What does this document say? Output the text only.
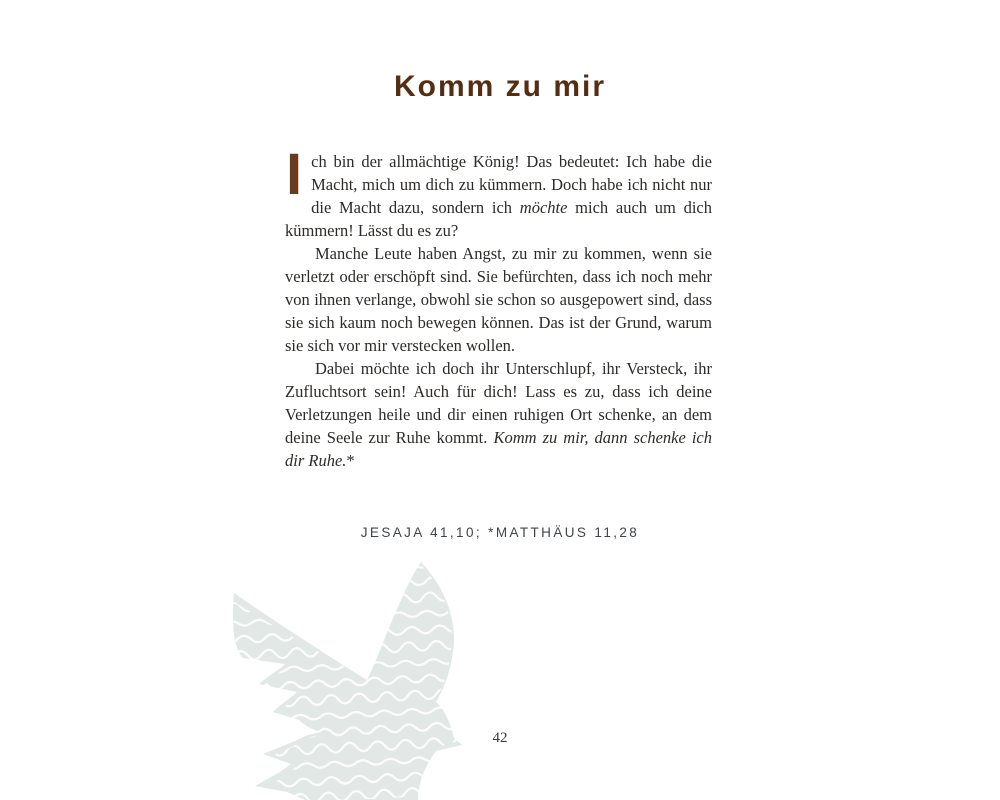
Komm zu mir

Ich bin der allmächtige König! Das bedeutet: Ich habe die Macht, mich um dich zu kümmern. Doch habe ich nicht nur die Macht dazu, sondern ich möchte mich auch um dich kümmern! Lässt du es zu?

Manche Leute haben Angst, zu mir zu kommen, wenn sie verletzt oder erschöpft sind. Sie befürchten, dass ich noch mehr von ihnen verlange, obwohl sie schon so ausgepowert sind, dass sie sich kaum noch bewegen können. Das ist der Grund, warum sie sich vor mir verstecken wollen.

Dabei möchte ich doch ihr Unterschlupf, ihr Versteck, ihr Zufluchtsort sein! Auch für dich! Lass es zu, dass ich deine Verletzungen heile und dir einen ruhigen Ort schenke, an dem deine Seele zur Ruhe kommt. Komm zu mir, dann schenke ich dir Ruhe.*

JESAJA 41,10; *MATTHÄUS 11,28
42
